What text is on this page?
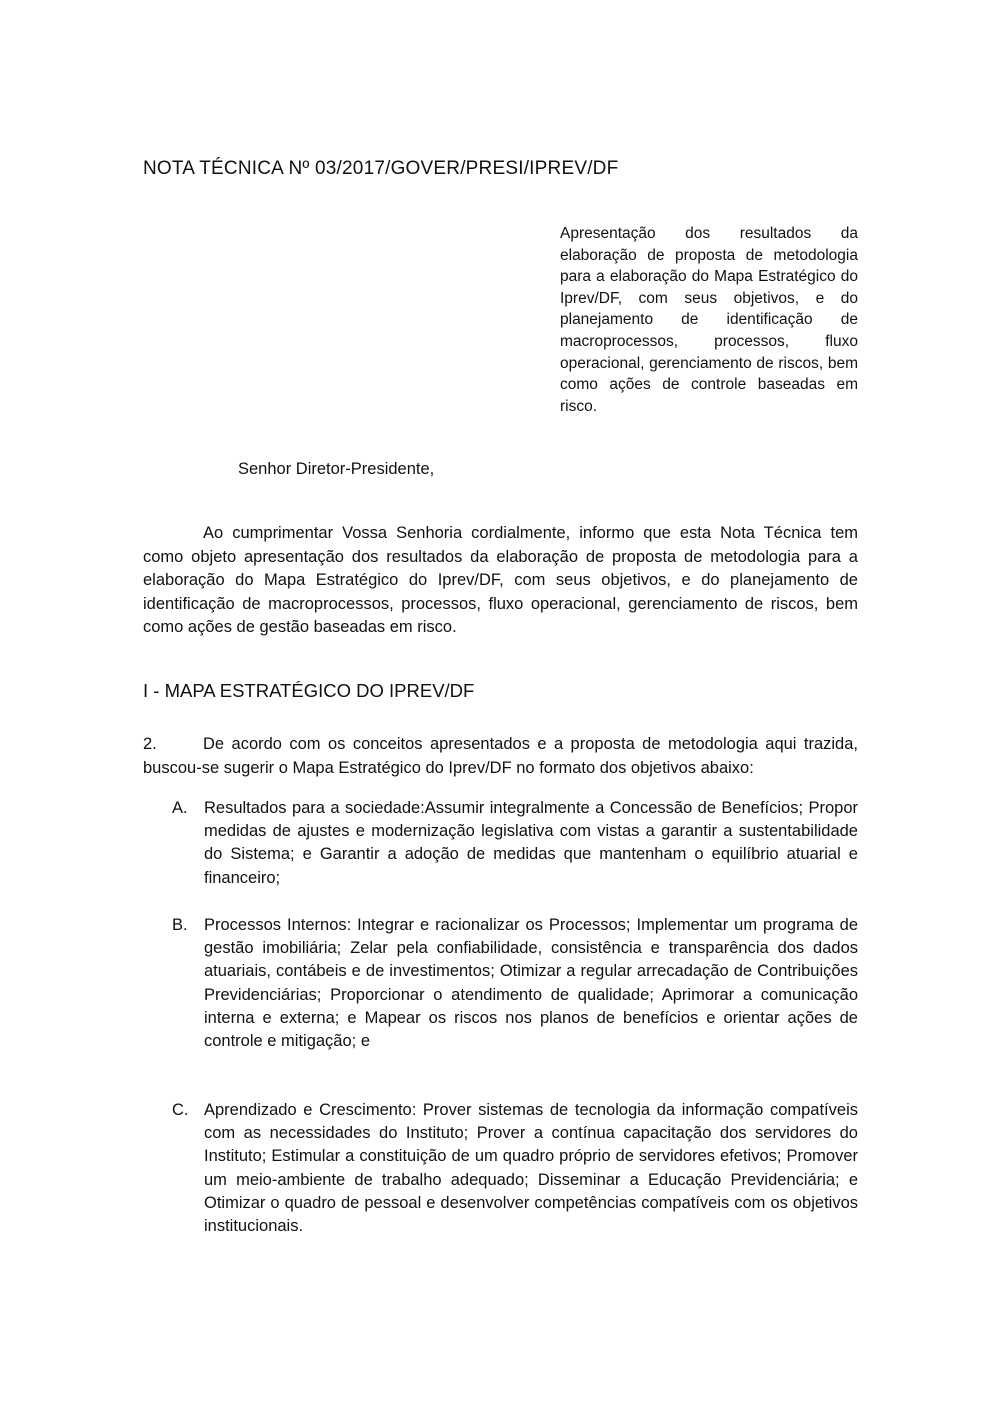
NOTA TÉCNICA Nº 03/2017/GOVER/PRESI/IPREV/DF
Apresentação dos resultados da elaboração de proposta de metodologia para a elaboração do Mapa Estratégico do Iprev/DF, com seus objetivos, e do planejamento de identificação de macroprocessos, processos, fluxo operacional, gerenciamento de riscos, bem como ações de controle baseadas em risco.
Senhor Diretor-Presidente,

Ao cumprimentar Vossa Senhoria cordialmente, informo que esta Nota Técnica tem como objeto apresentação dos resultados da elaboração de proposta de metodologia para a elaboração do Mapa Estratégico do Iprev/DF, com seus objetivos, e do planejamento de identificação de macroprocessos, processos, fluxo operacional, gerenciamento de riscos, bem como ações de gestão baseadas em risco.

I - MAPA ESTRATÉGICO DO IPREV/DF

2.	De acordo com os conceitos apresentados e a proposta de metodologia aqui trazida, buscou-se sugerir o Mapa Estratégico do Iprev/DF no formato dos objetivos abaixo:

A. Resultados para a sociedade:Assumir integralmente a Concessão de Benefícios; Propor medidas de ajustes e modernização legislativa com vistas a garantir a sustentabilidade do Sistema; e Garantir a adoção de medidas que mantenham o equilíbrio atuarial e financeiro;
B. Processos Internos: Integrar e racionalizar os Processos; Implementar um programa de gestão imobiliária; Zelar pela confiabilidade, consistência e transparência dos dados atuariais, contábeis e de investimentos; Otimizar a regular arrecadação de Contribuições Previdenciárias; Proporcionar o atendimento de qualidade; Aprimorar a comunicação interna e externa; e Mapear os riscos nos planos de benefícios e orientar ações de controle e mitigação; e
C. Aprendizado e Crescimento: Prover sistemas de tecnologia da informação compatíveis com as necessidades do Instituto; Prover a contínua capacitação dos servidores do Instituto; Estimular a constituição de um quadro próprio de servidores efetivos; Promover um meio-ambiente de trabalho adequado; Disseminar a Educação Previdenciária; e Otimizar o quadro de pessoal e desenvolver competências compatíveis com os objetivos institucionais.
